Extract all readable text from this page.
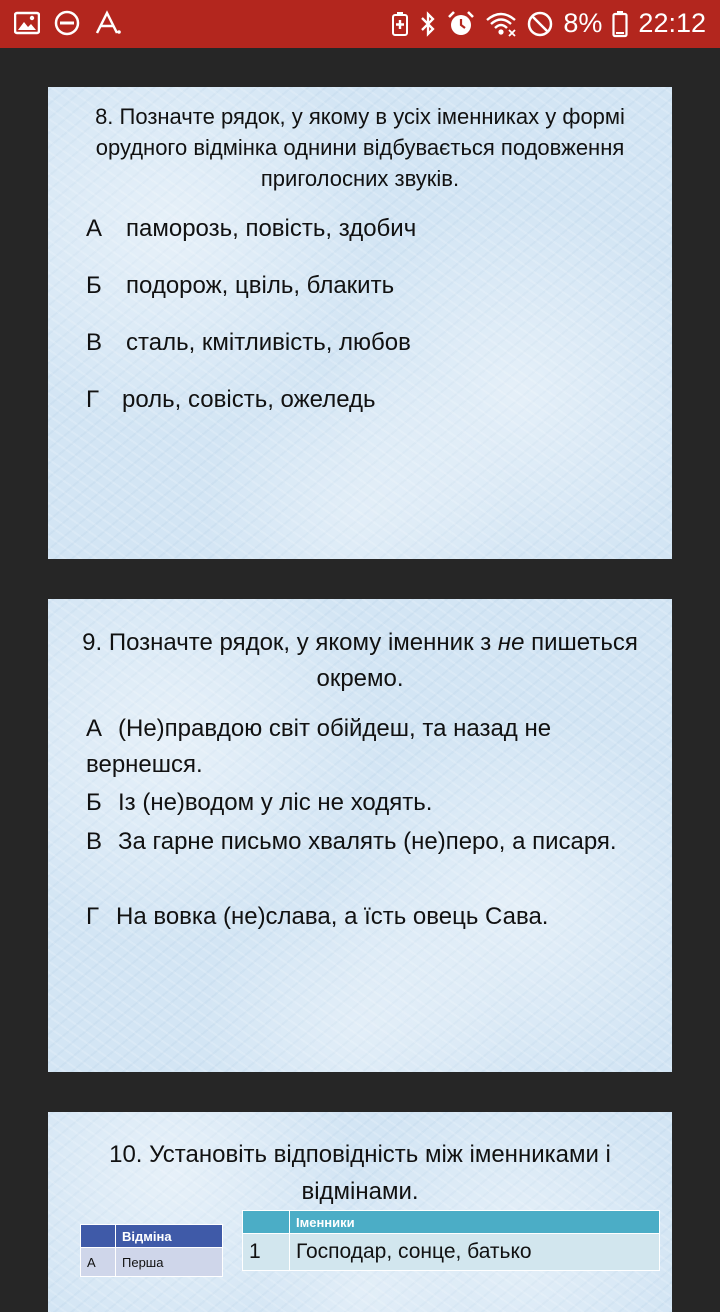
8% 22:12
8. Позначте рядок, у якому в усіх іменниках у формі орудного відмінка однини відбувається подовження приголосних звуків.
А паморозь, повість, здобич
Б подорож, цвіль, блакить
В сталь, кмітливість, любов
Г роль, совість, ожеледь
9. Позначте рядок, у якому іменник з не пишеться окремо.
А (Не)правдою світ обійдеш, та назад не вернешся.
Б Із (не)водом у ліс не ходять.
В За гарне письмо хвалять (не)перо, а писаря.
Г На вовка (не)слава, а їсть овець Сава.
10. Установіть відповідність між іменниками і відмінами.
	Відміна
А	Перша
	Іменники
1	Господар, сонце, батько
